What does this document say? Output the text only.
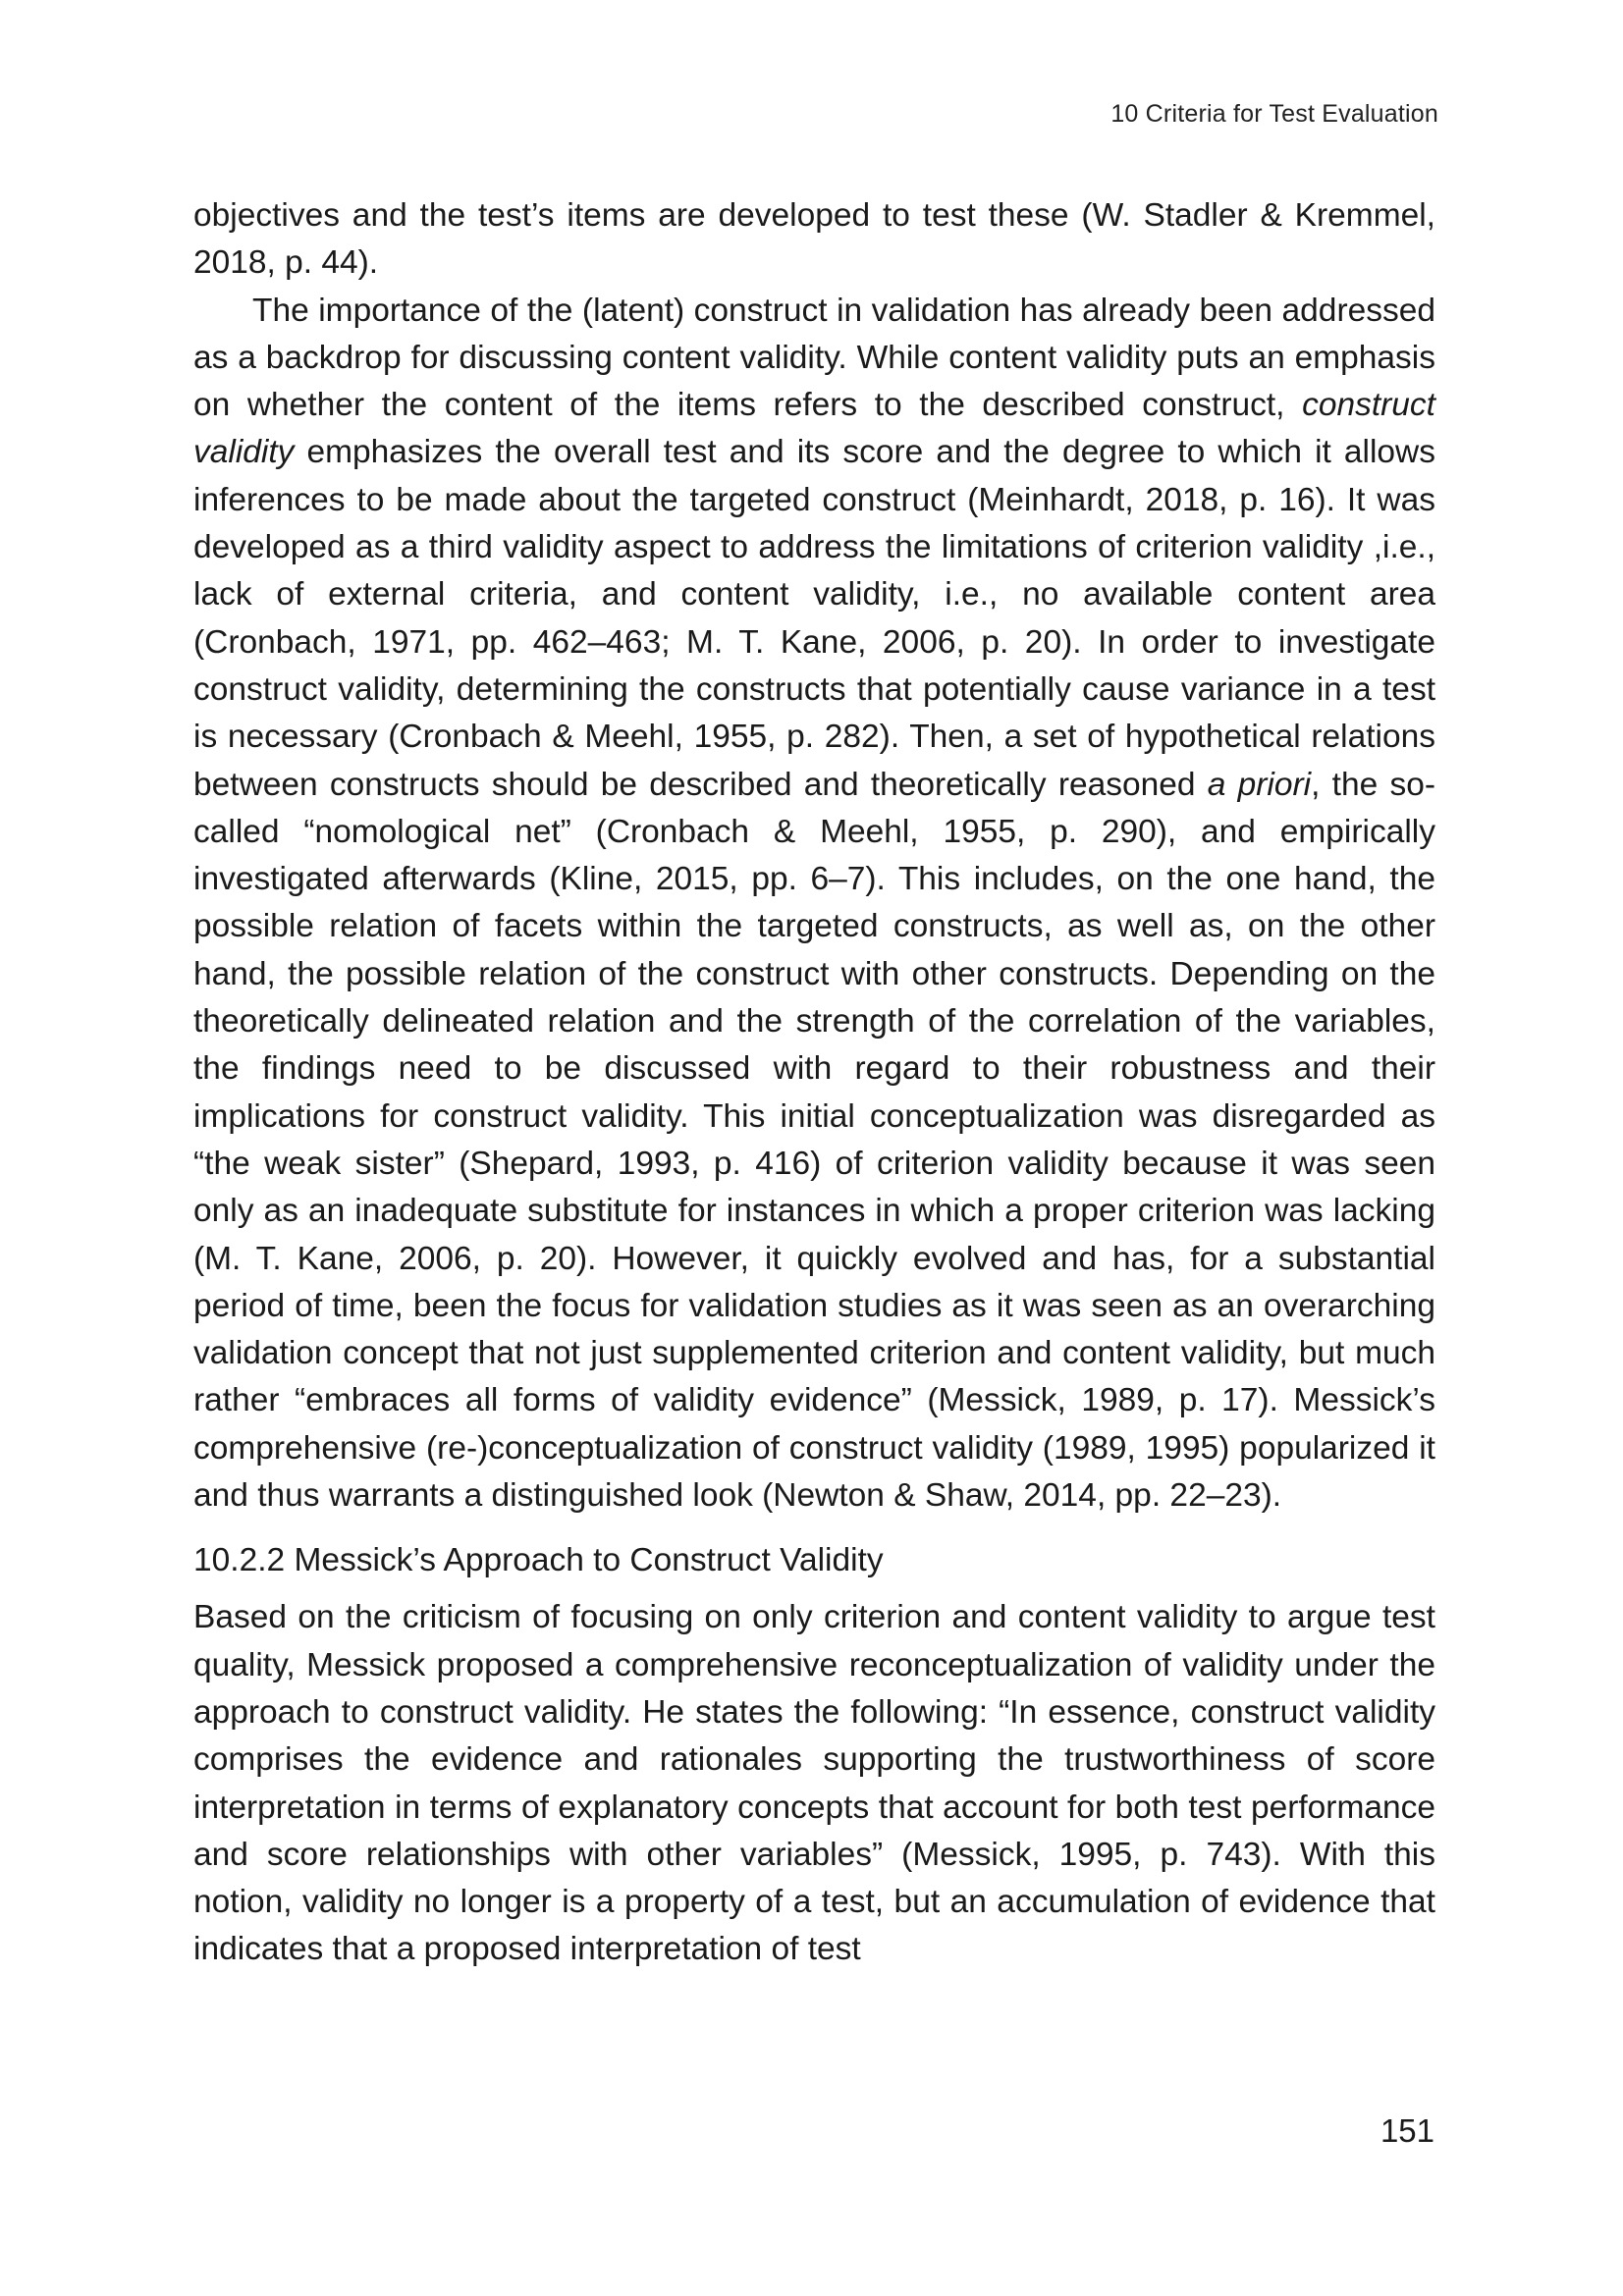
10 Criteria for Test Evaluation

objectives and the test’s items are developed to test these (W. Stadler & Kremmel, 2018, p. 44).

The importance of the (latent) construct in validation has already been addressed as a backdrop for discussing content validity. While content validity puts an emphasis on whether the content of the items refers to the described construct, construct validity emphasizes the overall test and its score and the degree to which it allows inferences to be made about the targeted construct (Meinhardt, 2018, p. 16). It was developed as a third validity aspect to address the limitations of criterion validity ,i.e., lack of external criteria, and content validity, i.e., no available content area (Cronbach, 1971, pp. 462–463; M. T. Kane, 2006, p. 20). In order to investigate construct validity, determining the constructs that potentially cause variance in a test is necessary (Cronbach & Meehl, 1955, p. 282). Then, a set of hypothetical relations between constructs should be described and theoretically reasoned a priori, the so-called “nomological net” (Cronbach & Meehl, 1955, p. 290), and empirically investigated afterwards (Kline, 2015, pp. 6–7). This includes, on the one hand, the possible relation of facets within the targeted constructs, as well as, on the other hand, the possible relation of the construct with other constructs. Depending on the theoretically delineated relation and the strength of the correlation of the variables, the findings need to be discussed with regard to their robustness and their implications for construct validity. This initial conceptualization was disregarded as “the weak sister” (Shepard, 1993, p. 416) of criterion validity because it was seen only as an inadequate substitute for instances in which a proper criterion was lacking (M. T. Kane, 2006, p. 20). However, it quickly evolved and has, for a substantial period of time, been the focus for validation studies as it was seen as an overarching validation concept that not just supplemented criterion and content validity, but much rather “embraces all forms of validity evidence” (Messick, 1989, p. 17). Messick’s comprehensive (re-)conceptualization of construct validity (1989, 1995) popularized it and thus warrants a distinguished look (Newton & Shaw, 2014, pp. 22–23).

10.2.2 Messick’s Approach to Construct Validity

Based on the criticism of focusing on only criterion and content validity to argue test quality, Messick proposed a comprehensive reconceptualization of validity under the approach to construct validity. He states the following: “In essence, construct validity comprises the evidence and rationales supporting the trustworthiness of score interpretation in terms of explanatory concepts that account for both test performance and score relationships with other variables” (Messick, 1995, p. 743). With this notion, validity no longer is a property of a test, but an accumulation of evidence that indicates that a proposed interpretation of test

151
